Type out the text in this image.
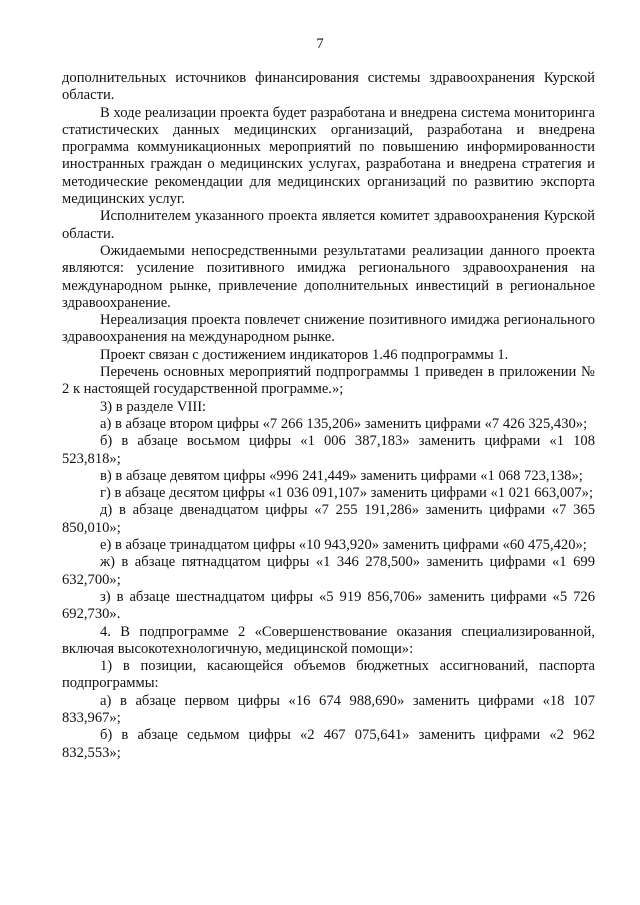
7

дополнительных источников финансирования системы здравоохранения Курской области.

В ходе реализации проекта будет разработана и внедрена система мониторинга статистических данных медицинских организаций, разработана и внедрена программа коммуникационных мероприятий по повышению информированности иностранных граждан о медицинских услугах, разработана и внедрена стратегия и методические рекомендации для медицинских организаций по развитию экспорта медицинских услуг.

Исполнителем указанного проекта является комитет здравоохранения Курской области.

Ожидаемыми непосредственными результатами реализации данного проекта являются: усиление позитивного имиджа регионального здравоохранения на международном рынке, привлечение дополнительных инвестиций в региональное здравоохранение.

Нереализация проекта повлечет снижение позитивного имиджа регионального здравоохранения на международном рынке.

Проект связан с достижением индикаторов 1.46 подпрограммы 1.

Перечень основных мероприятий подпрограммы 1 приведен в приложении № 2 к настоящей государственной программе.»;

3) в разделе VIII:

а) в абзаце втором цифры «7 266 135,206» заменить цифрами «7 426 325,430»;

б) в абзаце восьмом цифры «1 006 387,183» заменить цифрами «1 108 523,818»;

в) в абзаце девятом цифры «996 241,449» заменить цифрами «1 068 723,138»;

г) в абзаце десятом цифры «1 036 091,107» заменить цифрами «1 021 663,007»;

д) в абзаце двенадцатом цифры «7 255 191,286» заменить цифрами «7 365 850,010»;

е) в абзаце тринадцатом цифры «10 943,920» заменить цифрами «60 475,420»;

ж) в абзаце пятнадцатом цифры «1 346 278,500» заменить цифрами «1 699 632,700»;

з) в абзаце шестнадцатом цифры «5 919 856,706» заменить цифрами «5 726 692,730».

4. В подпрограмме 2 «Совершенствование оказания специализированной, включая высокотехнологичную, медицинской помощи»:

1) в позиции, касающейся объемов бюджетных ассигнований, паспорта подпрограммы:

а) в абзаце первом цифры «16 674 988,690» заменить цифрами «18 107 833,967»;

б) в абзаце седьмом цифры «2 467 075,641» заменить цифрами «2 962 832,553»;
